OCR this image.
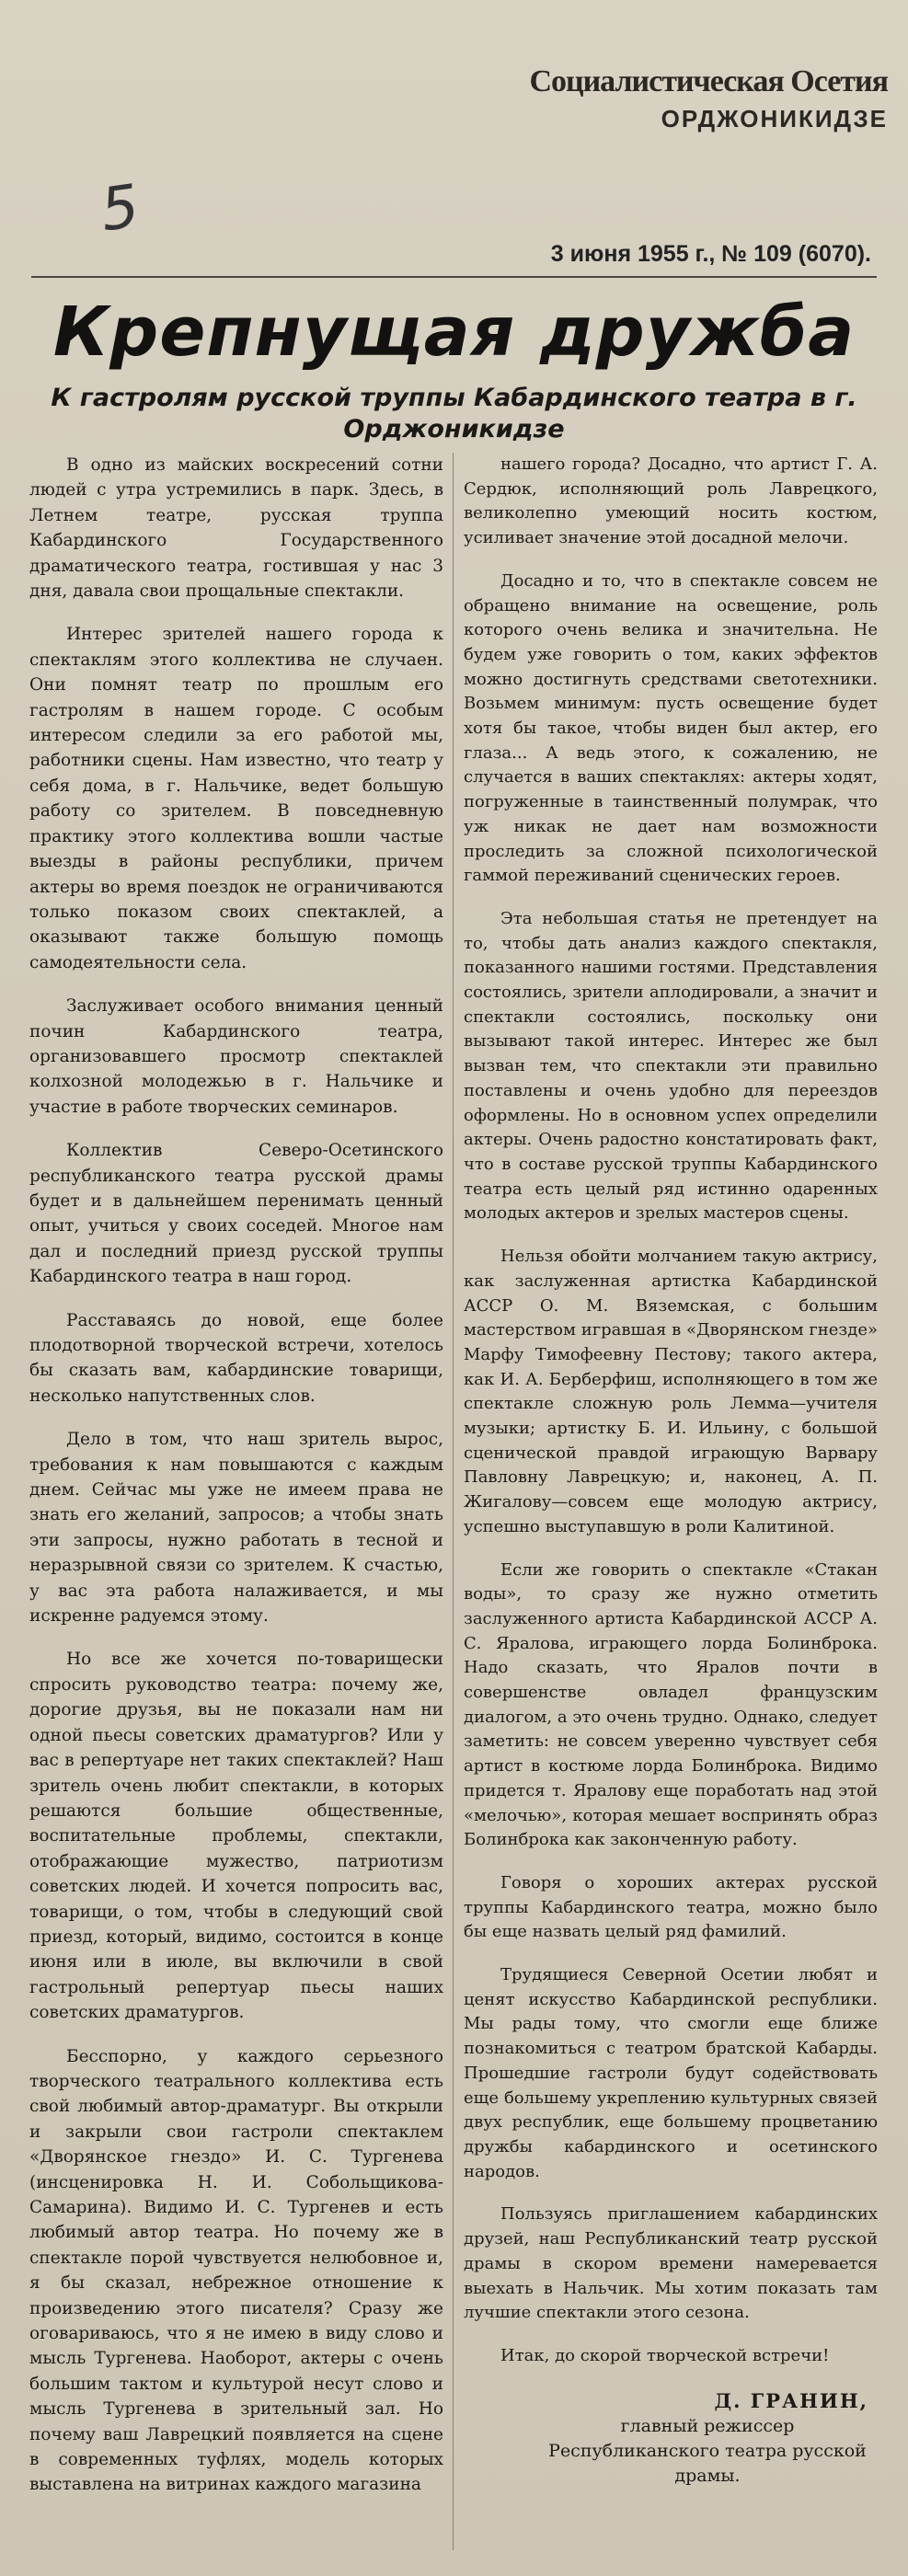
Социалистическая Осетия
ОРДЖОНИКИДЗЕ
5
3 июня 1955 г., № 109 (6070).
Крепнущая дружба
К гастролям русской труппы Кабардинского театра в г. Орджоникидзе

В одно из майских воскресений сотни людей с утра устремились в парк. Здесь, в Летнем театре, русская труппа Кабардинского Государственного драматического театра, гостившая у нас 3 дня, давала свои прощальные спектакли.

Интерес зрителей нашего города к спектаклям этого коллектива не случаен. Они помнят театр по прошлым его гастролям в нашем городе. С особым интересом следили за его работой мы, работники сцены. Нам известно, что театр у себя дома, в г. Нальчике, ведет большую работу со зрителем. В повседневную практику этого коллектива вошли частые выезды в районы республики, причем актеры во время поездок не ограничиваются только показом своих спектаклей, а оказывают также большую помощь самодеятельности села.

Заслуживает особого внимания ценный почин Кабардинского театра, организовавшего просмотр спектаклей колхозной молодежью в г. Нальчике и участие в работе творческих семинаров.

Коллектив Северо-Осетинского республиканского театра русской драмы будет и в дальнейшем перенимать ценный опыт, учиться у своих соседей. Многое нам дал и последний приезд русской труппы Кабардинского театра в наш город.

Расставаясь до новой, еще более плодотворной творческой встречи, хотелось бы сказать вам, кабардинские товарищи, несколько напутственных слов.

Дело в том, что наш зритель вырос, требования к нам повышаются с каждым днем. Сейчас мы уже не имеем права не знать его желаний, запросов; а чтобы знать эти запросы, нужно работать в тесной и неразрывной связи со зрителем. К счастью, у вас эта работа налаживается, и мы искренне радуемся этому.

Но все же хочется по-товарищески спросить руководство театра: почему же, дорогие друзья, вы не показали нам ни одной пьесы советских драматургов? Или у вас в репертуаре нет таких спектаклей? Наш зритель очень любит спектакли, в которых решаются большие общественные, воспитательные проблемы, спектакли, отображающие мужество, патриотизм советских людей. И хочется попросить вас, товарищи, о том, чтобы в следующий свой приезд, который, видимо, состоится в конце июня или в июле, вы включили в свой гастрольный репертуар пьесы наших советских драматургов.

Бесспорно, у каждого серьезного творческого театрального коллектива есть свой любимый автор-драматург. Вы открыли и закрыли свои гастроли спектаклем «Дворянское гнездо» И. С. Тургенева (инсценировка Н. И. Собольщиковa-Самарина). Видимо И. С. Тургенев и есть любимый автор театра. Но почему же в спектакле порой чувствуется нелюбовное и, я бы сказал, небрежное отношение к произведению этого писателя? Сразу же оговариваюсь, что я не имею в виду слово и мысль Тургенева. Наоборот, актеры с очень большим тактом и культурой несут слово и мысль Тургенева в зрительный зал. Но почему ваш Лаврецкий появляется на сцене в современных туфлях, модель которых выставлена на витринах каждого магазина

нашего города? Досадно, что артист Г. А. Сердюк, исполняющий роль Лаврецкого, великолепно умеющий носить костюм, усиливает значение этой досадной мелочи.

Досадно и то, что в спектакле совсем не обращено внимание на освещение, роль которого очень велика и значительна. Не будем уже говорить о том, каких эффектов можно достигнуть средствами светотехники. Возьмем минимум: пусть освещение будет хотя бы такое, чтобы виден был актер, его глаза... А ведь этого, к сожалению, не случается в ваших спектаклях: актеры ходят, погруженные в таинственный полумрак, что уж никак не дает нам возможности проследить за сложной психологической гаммой переживаний сценических героев.

Эта небольшая статья не претендует на то, чтобы дать анализ каждого спектакля, показанного нашими гостями. Представления состоялись, зрители аплодировали, а значит и спектакли состоялись, поскольку они вызывают такой интерес. Интерес же был вызван тем, что спектакли эти правильно поставлены и очень удобно для переездов оформлены. Но в основном успех определили актеры. Очень радостно констатировать факт, что в составе русской труппы Кабардинского театра есть целый ряд истинно одаренных молодых актеров и зрелых мастеров сцены.

Нельзя обойти молчанием такую актрису, как заслуженная артистка Кабардинской АССР О. М. Вяземская, с большим мастерством игравшая в «Дворянском гнезде» Марфу Тимофеевну Пестову; такого актера, как И. А. Берберфиш, исполняющего в том же спектакле сложную роль Лемма—учителя музыки; артистку Б. И. Ильину, с большой сценической правдой играющую Варвару Павловну Лаврецкую; и, наконец, А. П. Жигалову—совсем еще молодую актрису, успешно выступавшую в роли Калитиной.

Если же говорить о спектакле «Стакан воды», то сразу же нужно отметить заслуженного артиста Кабардинской АССР А. С. Яралова, играющего лорда Болинброка. Надо сказать, что Яралов почти в совершенстве овладел французским диалогом, а это очень трудно. Однако, следует заметить: не совсем уверенно чувствует себя артист в костюме лорда Болинброка. Видимо придется т. Яралову еще поработать над этой «мелочью», которая мешает воспринять образ Болинброка как законченную работу.

Говоря о хороших актерах русской труппы Кабардинского театра, можно было бы еще назвать целый ряд фамилий.

Трудящиеся Северной Осетии любят и ценят искусство Кабардинской республики. Мы рады тому, что смогли еще ближе познакомиться с театром братской Кабарды. Прошедшие гастроли будут содействовать еще большему укреплению культурных связей двух республик, еще большему процветанию дружбы кабардинского и осетинского народов.

Пользуясь приглашением кабардинских друзей, наш Республиканский театр русской драмы в скором времени намеревается выехать в Нальчик. Мы хотим показать там лучшие спектакли этого сезона.

Итак, до скорой творческой встречи!

Д. ГРАНИН,
главный режиссер Республиканского театра русской драмы.
